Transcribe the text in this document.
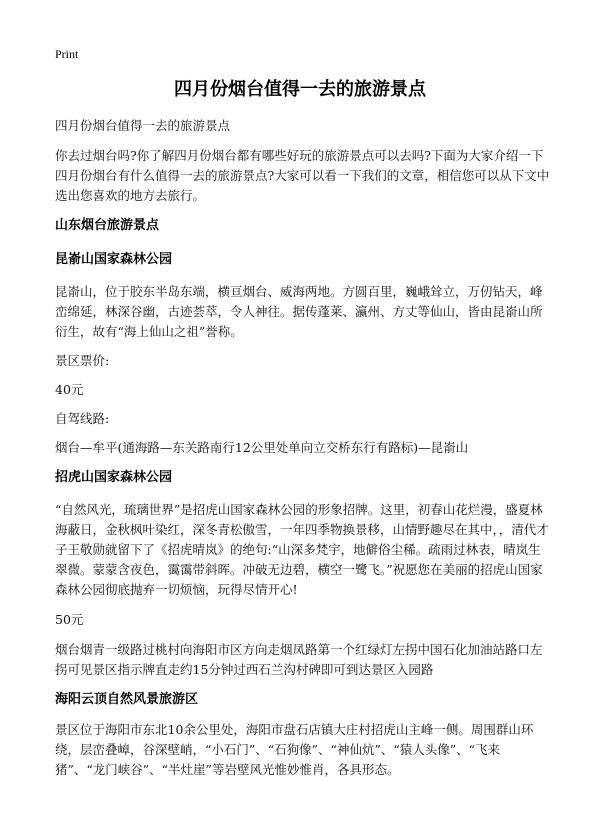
Print
四月份烟台值得一去的旅游景点

四月份烟台值得一去的旅游景点

你去过烟台吗?你了解四月份烟台都有哪些好玩的旅游景点可以去吗?下面为大家介绍一下四月份烟台有什么值得一去的旅游景点?大家可以看一下我们的文章，相信您可以从下文中选出您喜欢的地方去旅行。

山东烟台旅游景点
昆嵛山国家森林公园

昆嵛山，位于胶东半岛东端，横亘烟台、威海两地。方圆百里，巍峨耸立，万仞钻天，峰峦绵延，林深谷幽，古迹荟萃，令人神往。据传蓬莱、瀛州、方丈等仙山，皆由昆嵛山所衍生，故有“海上仙山之祖”誉称。

景区票价:

40元

自驾线路:

烟台—牟平(通海路—东关路南行12公里处单向立交桥东行有路标)—昆嵛山

招虎山国家森林公园

“自然风光，琉璃世界”是招虎山国家森林公园的形象招牌。这里，初春山花烂漫，盛夏林海蔽日，金秋枫叶染红，深冬青松傲雪，一年四季物换景移，山情野趣尽在其中，，清代才子王敬勋就留下了《招虎晴岚》的绝句:“山深多梵宇，地僻俗尘稀。疏雨过林表，晴岚生翠微。蒙蒙含夜色，霭霭带斜晖。冲破无边碧，横空一鹭飞。”祝愿您在美丽的招虎山国家森林公园彻底抛弃一切烦恼，玩得尽情开心!

50元

烟台烟青一级路过桃村向海阳市区方向走烟凤路第一个红绿灯左拐中国石化加油站路口左拐可见景区指示牌直走约15分钟过西石兰沟村碑即可到达景区入园路

海阳云顶自然风景旅游区

景区位于海阳市东北10余公里处，海阳市盘石店镇大庄村招虎山主峰一侧。周围群山环绕，层峦叠嶂，谷深壁峭，“小石门”、“石狗像”、“神仙炕”、“猿人头像”、“飞来猪”、“龙门峡谷”、“半灶崖”等岩壁风光惟妙惟肖，各具形态。
